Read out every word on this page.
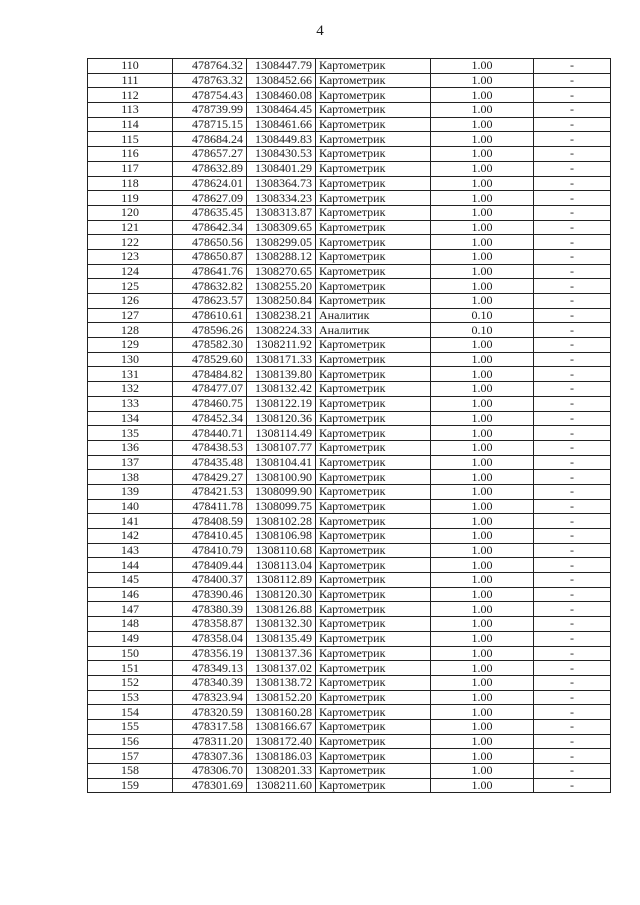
4
110	478764.32	1308447.79	Картометрик	1.00	-
111	478763.32	1308452.66	Картометрик	1.00	-
112	478754.43	1308460.08	Картометрик	1.00	-
113	478739.99	1308464.45	Картометрик	1.00	-
114	478715.15	1308461.66	Картометрик	1.00	-
115	478684.24	1308449.83	Картометрик	1.00	-
116	478657.27	1308430.53	Картометрик	1.00	-
117	478632.89	1308401.29	Картометрик	1.00	-
118	478624.01	1308364.73	Картометрик	1.00	-
119	478627.09	1308334.23	Картометрик	1.00	-
120	478635.45	1308313.87	Картометрик	1.00	-
121	478642.34	1308309.65	Картометрик	1.00	-
122	478650.56	1308299.05	Картометрик	1.00	-
123	478650.87	1308288.12	Картометрик	1.00	-
124	478641.76	1308270.65	Картометрик	1.00	-
125	478632.82	1308255.20	Картометрик	1.00	-
126	478623.57	1308250.84	Картометрик	1.00	-
127	478610.61	1308238.21	Аналитик	0.10	-
128	478596.26	1308224.33	Аналитик	0.10	-
129	478582.30	1308211.92	Картометрик	1.00	-
130	478529.60	1308171.33	Картометрик	1.00	-
131	478484.82	1308139.80	Картометрик	1.00	-
132	478477.07	1308132.42	Картометрик	1.00	-
133	478460.75	1308122.19	Картометрик	1.00	-
134	478452.34	1308120.36	Картометрик	1.00	-
135	478440.71	1308114.49	Картометрик	1.00	-
136	478438.53	1308107.77	Картометрик	1.00	-
137	478435.48	1308104.41	Картометрик	1.00	-
138	478429.27	1308100.90	Картометрик	1.00	-
139	478421.53	1308099.90	Картометрик	1.00	-
140	478411.78	1308099.75	Картометрик	1.00	-
141	478408.59	1308102.28	Картометрик	1.00	-
142	478410.45	1308106.98	Картометрик	1.00	-
143	478410.79	1308110.68	Картометрик	1.00	-
144	478409.44	1308113.04	Картометрик	1.00	-
145	478400.37	1308112.89	Картометрик	1.00	-
146	478390.46	1308120.30	Картометрик	1.00	-
147	478380.39	1308126.88	Картометрик	1.00	-
148	478358.87	1308132.30	Картометрик	1.00	-
149	478358.04	1308135.49	Картометрик	1.00	-
150	478356.19	1308137.36	Картометрик	1.00	-
151	478349.13	1308137.02	Картометрик	1.00	-
152	478340.39	1308138.72	Картометрик	1.00	-
153	478323.94	1308152.20	Картометрик	1.00	-
154	478320.59	1308160.28	Картометрик	1.00	-
155	478317.58	1308166.67	Картометрик	1.00	-
156	478311.20	1308172.40	Картометрик	1.00	-
157	478307.36	1308186.03	Картометрик	1.00	-
158	478306.70	1308201.33	Картометрик	1.00	-
159	478301.69	1308211.60	Картометрик	1.00	-
